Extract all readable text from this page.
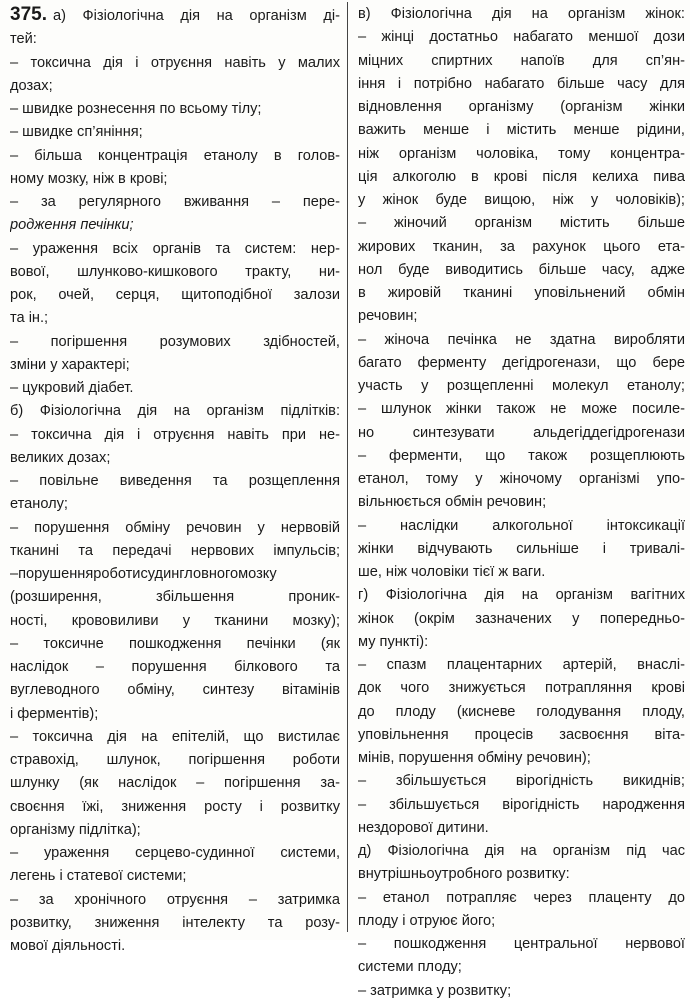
375. а) Фізіологічна дія на організм ді-
тей:
– токсична дія і отруєння навіть у малих
дозах;
– швидке рознесення по всьому тілу;
– швидке сп’яніння;
– більша концентрація етанолу в голов-
ному мозку, ніж в крові;
– за регулярного вживання – пере-
родження печінки;
– ураження всіх органів та систем: нер-
вової, шлунково-кишкового тракту, ни-
рок, очей, серця, щитоподібної залози
та ін.;
– погіршення розумових здібностей,
зміни у характері;
– цукровий діабет.
б) Фізіологічна дія на організм підлітків:
– токсична дія і отруєння навіть при не-
великих дозах;
– повільне виведення та розщеплення
етанолу;
– порушення обміну речовин у нервовій
тканині та передачі нервових імпульсів;
–порушенняроботисудингловногомозку
(розширення, збільшення проник-
ності, крововиливи у тканини мозку);
– токсичне пошкодження печінки (як
наслідок – порушення білкового та
вуглеводного обміну, синтезу вітамінів
і ферментів);
– токсична дія на епітелій, що вистилає
стравохід, шлунок, погіршення роботи
шлунку (як наслідок – погіршення за-
своєння їжі, зниження росту і розвитку
організму підлітка);
– ураження серцево-судинної системи,
легень і статевої системи;
– за хронічного отруєння – затримка
розвитку, зниження інтелекту та розу-
мової діяльності.
в) Фізіологічна дія на організм жінок:
– жінці достатньо набагато меншої дози
міцних спиртних напоїв для сп’ян-
іння і потрібно набагато більше часу для
відновлення організму (організм жінки
важить менше і містить менше рідини,
ніж організм чоловіка, тому концентра-
ція алкоголю в крові після келиха пива
у жінок буде вищою, ніж у чоловіків);
– жіночий організм містить більше
жирових тканин, за рахунок цього ета-
нол буде виводитись більше часу, адже
в жировій тканині уповільнений обмін
речовин;
– жіноча печінка не здатна виробляти
багато ферменту дегідрогенази, що бере
участь у розщепленні молекул етанолу;
– шлунок жінки також не може посиле-
но синтезувати альдегіддегідрогенази
– ферменти, що також розщеплюють
етанол, тому у жіночому організмі упо-
вільнюється обмін речовин;
– наслідки алкогольної інтоксикації
жінки відчувають сильніше і тривалі-
ше, ніж чоловіки тієї ж ваги.
г) Фізіологічна дія на організм вагітних
жінок (окрім зазначених у попередньо-
му пункті):
– спазм плацентарних артерій, внаслі-
док чого знижується потрапляння крові
до плоду (кисневе голодування плоду,
уповільнення процесів засвоєння віта-
мінів, порушення обміну речовин);
– збільшується вірогідність викиднів;
– збільшується вірогідність народження
нездорової дитини.
д) Фізіологічна дія на організм під час
внутрішньоутробного розвитку:
– етанол потрапляє через плаценту до
плоду і отруює його;
– пошкодження центральної нервової
системи плоду;
– затримка у розвитку;
